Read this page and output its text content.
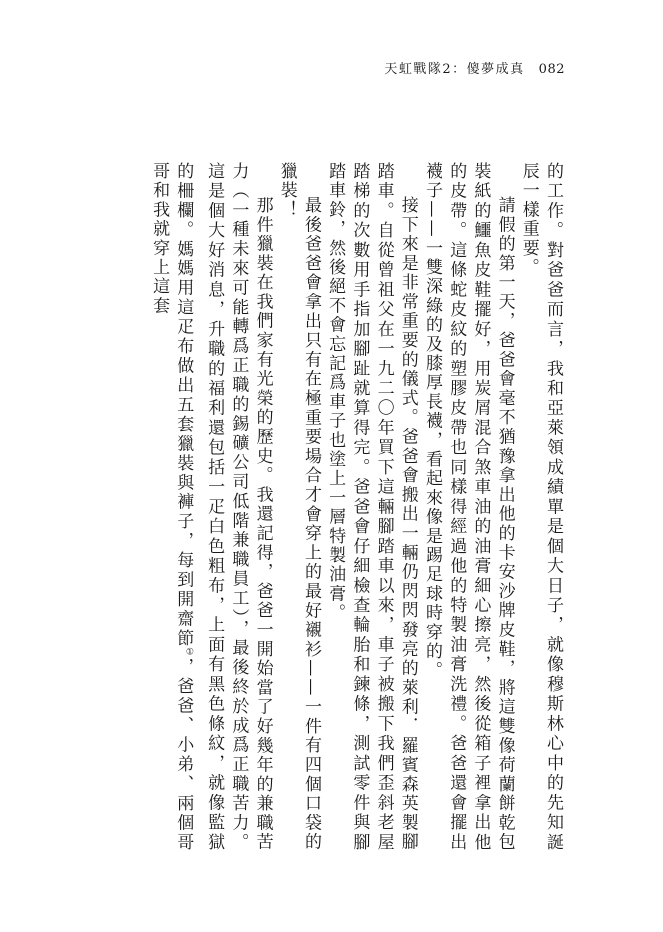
天虹戰隊2：傻夢成真 082

的工作。對爸爸而言，我和亞萊領成績單是個大日子，就像穆斯林心中的先知誕辰一樣重要。

請假的第一天，爸爸會毫不猶豫拿出他的卡安沙牌皮鞋，將這雙像荷蘭餅乾包裝紙的鱷魚皮鞋擺好，用炭屑混合煞車油的油膏細心擦亮，然後從箱子裡拿出他的皮帶。這條蛇皮紋的塑膠皮帶也同樣得經過他的特製油膏洗禮。爸爸還會擺出襪子——一雙深綠的及膝厚長襪，看起來像是踢足球時穿的。

接下來是非常重要的儀式。爸爸會搬出一輛仍閃閃發亮的萊利．羅賓森英製腳踏車。自從曾祖父在一九二〇年買下這輛腳踏車以來，車子被搬下我們歪斜老屋踏梯的次數用手指加腳趾就算得完。爸爸會仔細檢查輪胎和鍊條，測試零件與腳踏車鈴，然後絕不會忘記爲車子也塗上一層特製油膏。

最後爸爸會拿出只有在極重要場合才會穿上的最好襯衫——一件有四個口袋的獵裝！

那件獵裝在我們家有光榮的歷史。我還記得，爸爸一開始當了好幾年的兼職苦力（一種未來可能轉爲正職的錫礦公司低階兼職員工），最後終於成爲正職苦力。這是個大好消息，升職的福利還包括一疋白色粗布，上面有黑色條紋，就像監獄的柵欄。媽媽用這疋布做出五套獵裝與褲子，每到開齋節①，爸爸、小弟、兩個哥哥和我就穿上這套
